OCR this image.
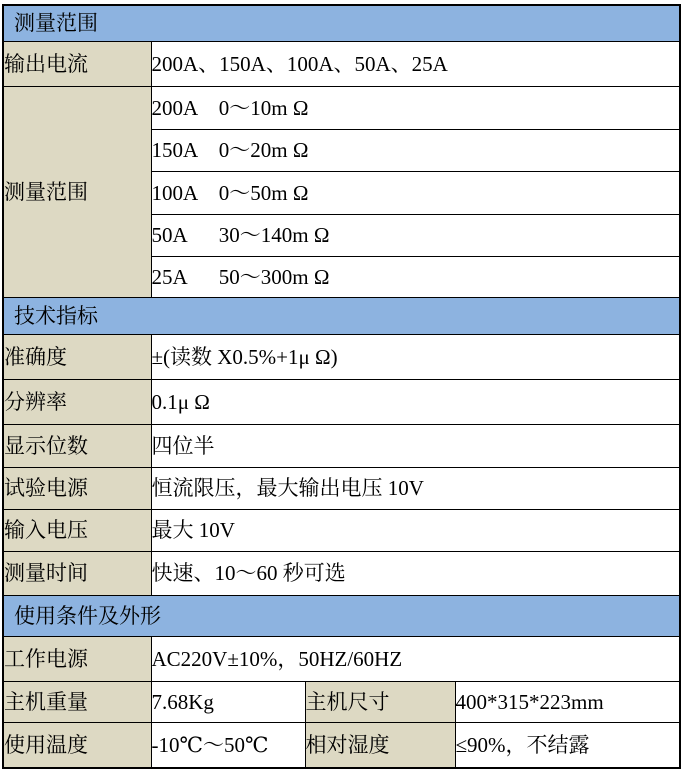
测量范围			
输出电流	200A、150A、100A、50A、25A		
测量范围	200A 0～10m Ω		
	150A 0～20m Ω		
	100A 0～50m Ω		
	50A 30～140m Ω		
	25A 50～300m Ω		
技术指标			
准确度	±(读数 X0.5%+1μ Ω)		
分辨率	0.1μ Ω		
显示位数	四位半		
试验电源	恒流限压，最大输出电压 10V		
输入电压	最大 10V		
测量时间	快速、10～60 秒可选		
使用条件及外形			
工作电源	AC220V±10%，50HZ/60HZ		
主机重量	7.68Kg	主机尺寸	400*315*223mm
使用温度	-10℃～50℃	相对湿度	≤90%，不结露
